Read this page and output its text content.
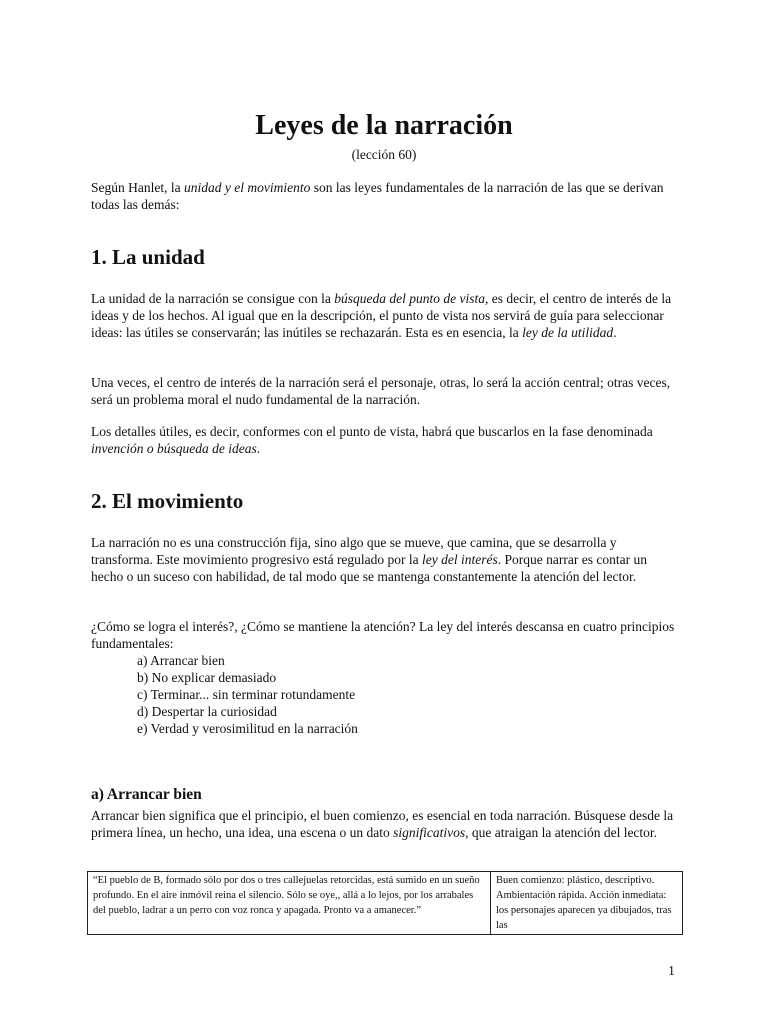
Leyes de la narración

(lección 60)

Según Hanlet, la unidad y el movimiento son las leyes fundamentales de la narración de las que se derivan todas las demás:

1. La unidad

La unidad de la narración se consigue con la búsqueda del punto de vista, es decir, el centro de interés de la ideas y de los hechos. Al igual que en la descripción, el punto de vista nos servirá de guía para seleccionar ideas: las útiles se conservarán; las inútiles se rechazarán. Esta es en esencia, la ley de la utilidad.

Una veces, el centro de interés de la narración será el personaje, otras, lo será la acción central; otras veces, será un problema moral el nudo fundamental de la narración.

Los detalles útiles, es decir, conformes con el punto de vista, habrá que buscarlos en la fase denominada invención o búsqueda de ideas.

2. El movimiento

La narración no es una construcción fija, sino algo que se mueve, que camina, que se desarrolla y transforma. Este movimiento progresivo está regulado por la ley del interés. Porque narrar es contar un hecho o un suceso con habilidad, de tal modo que se mantenga constantemente la atención del lector.

¿Cómo se logra el interés?, ¿Cómo se mantiene la atención? La ley del interés descansa en cuatro principios fundamentales:

a) Arrancar bien
b) No explicar demasiado
c) Terminar... sin terminar rotundamente
d) Despertar la curiosidad
e) Verdad y verosimilitud en la narración
a) Arrancar bien

Arrancar bien significa que el principio, el buen comienzo, es esencial en toda narración. Búsquese desde la primera línea, un hecho, una idea, una escena o un dato significativos, que atraigan la atención del lector.

“El pueblo de B, formado sólo por dos o tres callejuelas retorcidas, está sumido en un sueño profundo. En el aire inmóvil reina el silencio. Sólo se oye,, allá a lo lejos, por los arrabales del pueblo, ladrar a un perro con voz ronca y apagada. Pronto va a amanecer.”	Buen comienzo: plástico, descriptivo. Ambientación rápida. Acción inmediata: los personajes aparecen ya dibujados, tras las
1
